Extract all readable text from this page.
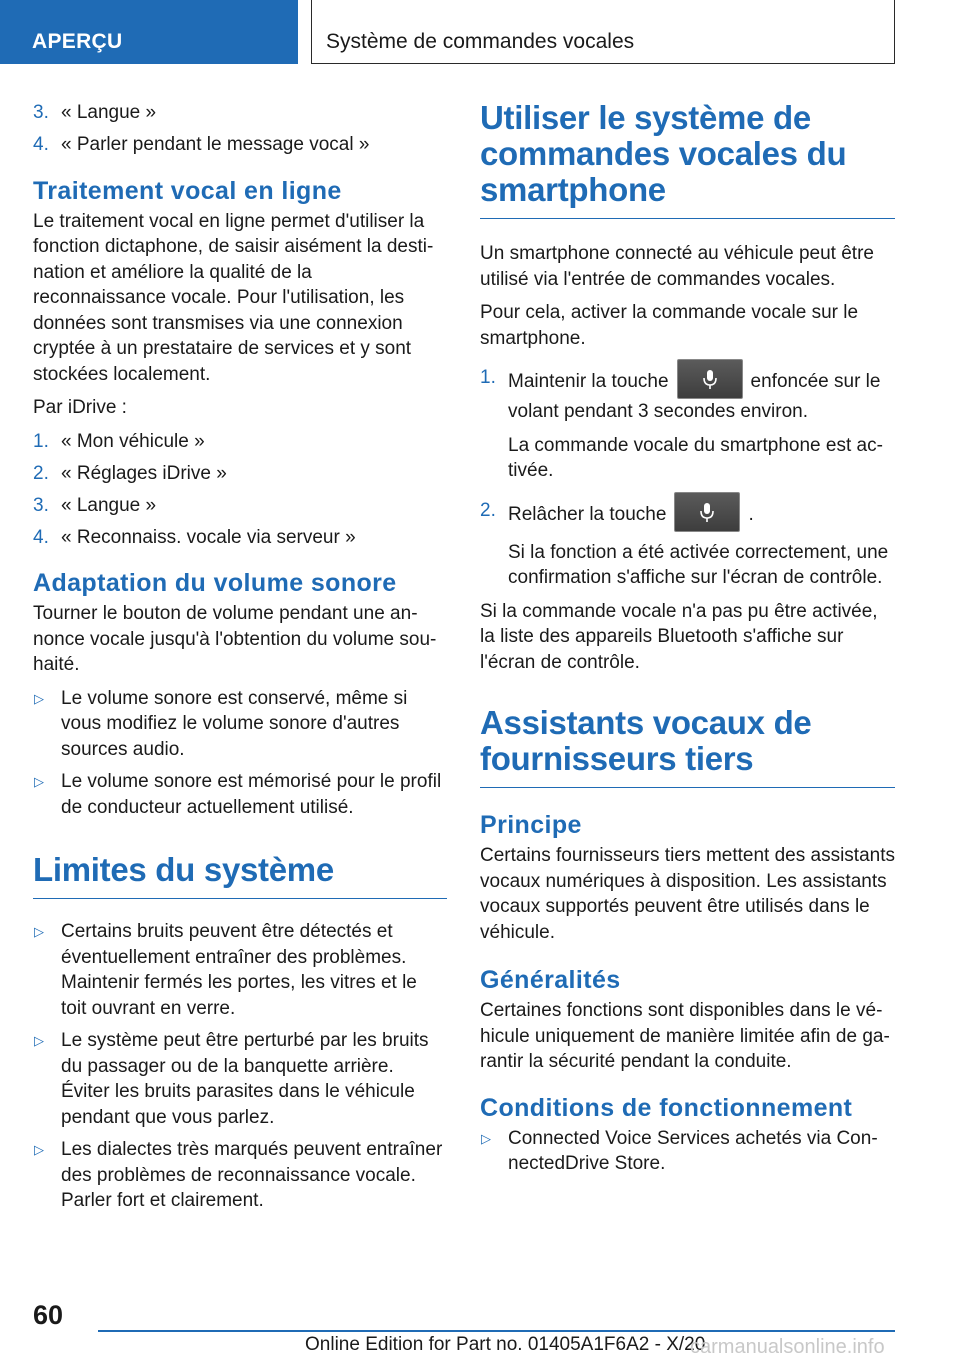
APERÇU	Système de commandes vocales
3. « Langue »
4. « Parler pendant le message vocal »
Traitement vocal en ligne

Le traitement vocal en ligne permet d'utiliser la fonction dictaphone, de saisir aisément la destination et améliore la qualité de la reconnaissance vocale. Pour l'utilisation, les données sont transmises via une connexion cryptée à un prestataire de services et y sont stockées localement.

Par iDrive :

1. « Mon véhicule »
2. « Réglages iDrive »
3. « Langue »
4. « Reconnaiss. vocale via serveur »
Adaptation du volume sonore

Tourner le bouton de volume pendant une annonce vocale jusqu'à l'obtention du volume souhaité.

▷ Le volume sonore est conservé, même si vous modifiez le volume sonore d'autres sources audio.
▷ Le volume sonore est mémorisé pour le profil de conducteur actuellement utilisé.
Limites du système
▷ Certains bruits peuvent être détectés et éventuellement entraîner des problèmes. Maintenir fermés les portes, les vitres et le toit ouvrant en verre.
▷ Le système peut être perturbé par les bruits du passager ou de la banquette arrière. Éviter les bruits parasites dans le véhicule pendant que vous parlez.
▷ Les dialectes très marqués peuvent entraîner des problèmes de reconnaissance vocale. Parler fort et clairement.
Utiliser le système de commandes vocales du smartphone

Un smartphone connecté au véhicule peut être utilisé via l'entrée de commandes vocales.

Pour cela, activer la commande vocale sur le smartphone.

1. Maintenir la touche	enfoncée sur le volant pendant 3 secondes environ.

La commande vocale du smartphone est activée.

2. Relâcher la touche	.

Si la fonction a été activée correctement, une confirmation s'affiche sur l'écran de contrôle.

Si la commande vocale n'a pas pu être activée, la liste des appareils Bluetooth s'affiche sur l'écran de contrôle.

Assistants vocaux de fournisseurs tiers
Principe

Certains fournisseurs tiers mettent des assistants vocaux numériques à disposition. Les assistants vocaux supportés peuvent être utilisés dans le véhicule.

Généralités

Certaines fonctions sont disponibles dans le véhicule uniquement de manière limitée afin de garantir la sécurité pendant la conduite.

Conditions de fonctionnement
▷ Connected Voice Services achetés via ConnectedDrive Store.
60
Online Edition for Part no. 01405A1F6A2 - X/20
carmanualsonline.info
